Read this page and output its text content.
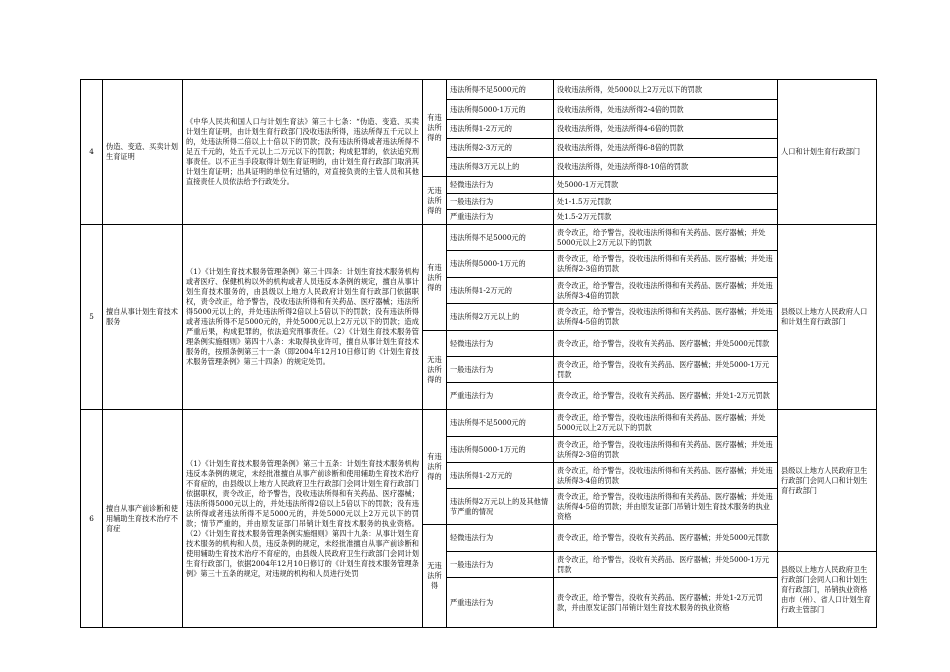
4	伪造、变造、买卖计划生育证明	《中华人民共和国人口与计划生育法》第三十七条：“伪造、变造、买卖计划生育证明，由计划生育行政部门没收违法所得，违法所得五千元以上的，处违法所得二倍以上十倍以下的罚款；没有违法所得或者违法所得不足五千元的，处五千元以上二万元以下的罚款；构成犯罪的，依法追究刑事责任。以不正当手段取得计划生育证明的，由计划生育行政部门取消其计划生育证明；出具证明的单位有过错的，对直接负责的主管人员和其他直接责任人员依法给予行政处分。	有违法所得的	违法所得不足5000元的	没收违法所得，处5000以上2万元以下的罚款	人口和计划生育行政部门
				违法所得5000-1万元的	没收违法所得，处违法所得2-4倍的罚款	
				违法所得1-2万元的	没收违法所得，处违法所得4-6倍的罚款	
				违法所得2-3万元的	没收违法所得，处违法所得6-8倍的罚款	
				违法所得3万元以上的	没收违法所得，处违法所得8-10倍的罚款	
			无违法所得的	轻微违法行为	处5000-1万元罚款	
				一般违法行为	处1-1.5万元罚款	
				严重违法行为	处1.5-2万元罚款	
5	擅自从事计划生育技术服务	（1）《计划生育技术服务管理条例》第三十四条：计划生育技术服务机构或者医疗、保健机构以外的机构或者人员违反本条例的规定，擅自从事计划生育技术服务的，由县级以上地方人民政府计划生育行政部门依据职权，责令改正，给予警告，没收违法所得和有关药品、医疗器械；违法所得5000元以上的，并处违法所得2倍以上5倍以下的罚款；没有违法所得或者违法所得不足5000元的，并处5000元以上2万元以下的罚款；造成严重后果，构成犯罪的，依法追究刑事责任。（2）《计划生育技术服务管理条例实施细则》第四十八条：未取得执业许可，擅自从事计划生育技术服务的，按照条例第三十一条（即2004年12月10日修订的《计划生育技术服务管理条例》第三十四条）的规定处罚。	有违法所得的	违法所得不足5000元的	责令改正，给予警告，没收违法所得和有关药品、医疗器械；并处5000元以上2万元以下的罚款	县级以上地方人民政府人口和计划生育行政部门
				违法所得5000-1万元的	责令改正，给予警告，没收违法所得和有关药品、医疗器械；并处违法所得2-3倍的罚款	
				违法所得1-2万元的	责令改正，给予警告，没收违法所得和有关药品、医疗器械；并处违法所得3-4倍的罚款	
				违法所得2万元以上的	责令改正，给予警告，没收违法所得和有关药品、医疗器械；并处违法所得4-5倍的罚款	
			无违法所得的	轻微违法行为	责令改正，给予警告，没收有关药品、医疗器械；并处5000元罚款	
				一般违法行为	责令改正，给予警告，没收有关药品、医疗器械；并处5000-1万元罚款	
				严重违法行为	责令改正，给予警告，没收有关药品、医疗器械；并处1-2万元罚款	
6	擅自从事产前诊断和使用辅助生育技术治疗不育症	（1）《计划生育技术服务管理条例》第三十五条：计划生育技术服务机构违反本条例的规定，未经批准擅自从事产前诊断和使用辅助生育技术治疗不育症的，由县级以上地方人民政府卫生行政部门会同计划生育行政部门依据职权，责令改正，给予警告，没收违法所得和有关药品、医疗器械；违法所得5000元以上的，并处违法所得2倍以上5倍以下的罚款；没有违法所得或者违法所得不足5000元的，并处5000元以上2万元以下的罚款；情节严重的，并由原发证部门吊销计划生育技术服务的执业资格。（2）《计划生育技术服务管理条例实施细则》第四十九条：从事计划生育技术服务的机构和人员，违反条例的规定，未经批准擅自从事产前诊断和使用辅助生育技术治疗不育症的，由县级人民政府卫生行政部门会同计划生育行政部门，依据2004年12月10日修订的《计划生育技术服务管理条例》第三十五条的规定，对违规的机构和人员进行处罚	有违法所得的	违法所得不足5000元的	责令改正，给予警告，没收违法所得和有关药品、医疗器械；并处5000元以上2万元以下的罚款	县级以上地方人民政府卫生行政部门会同人口和计划生育行政部门
				违法所得5000-1万元的	责令改正，给予警告，没收违法所得和有关药品、医疗器械；并处违法所得2-3倍的罚款	
				违法所得1-2万元的	责令改正，给予警告，没收违法所得和有关药品、医疗器械；并处违法所得3-4倍的罚款	
				违法所得2万元以上的及其他情节严重的情况	责令改正，给予警告，没收违法所得和有关药品、医疗器械；并处违法所得4-5倍的罚款；并由原发证部门吊销计划生育技术服务的执业资格	
			无违法所得	轻微违法行为	责令改正，给予警告，没收有关药品、医疗器械；并处5000元罚款	
				一般违法行为	责令改正，给予警告，没收有关药品、医疗器械；并处5000-1万元罚款	县级以上地方人民政府卫生行政部门会同人口和计划生育行政部门，吊销执业资格由市（州）、省人口计划生育行政主管部门
				严重违法行为	责令改正，给予警告，没收有关药品、医疗器械；并处1-2万元罚款，并由原发证部门吊销计划生育技术服务的执业资格	
